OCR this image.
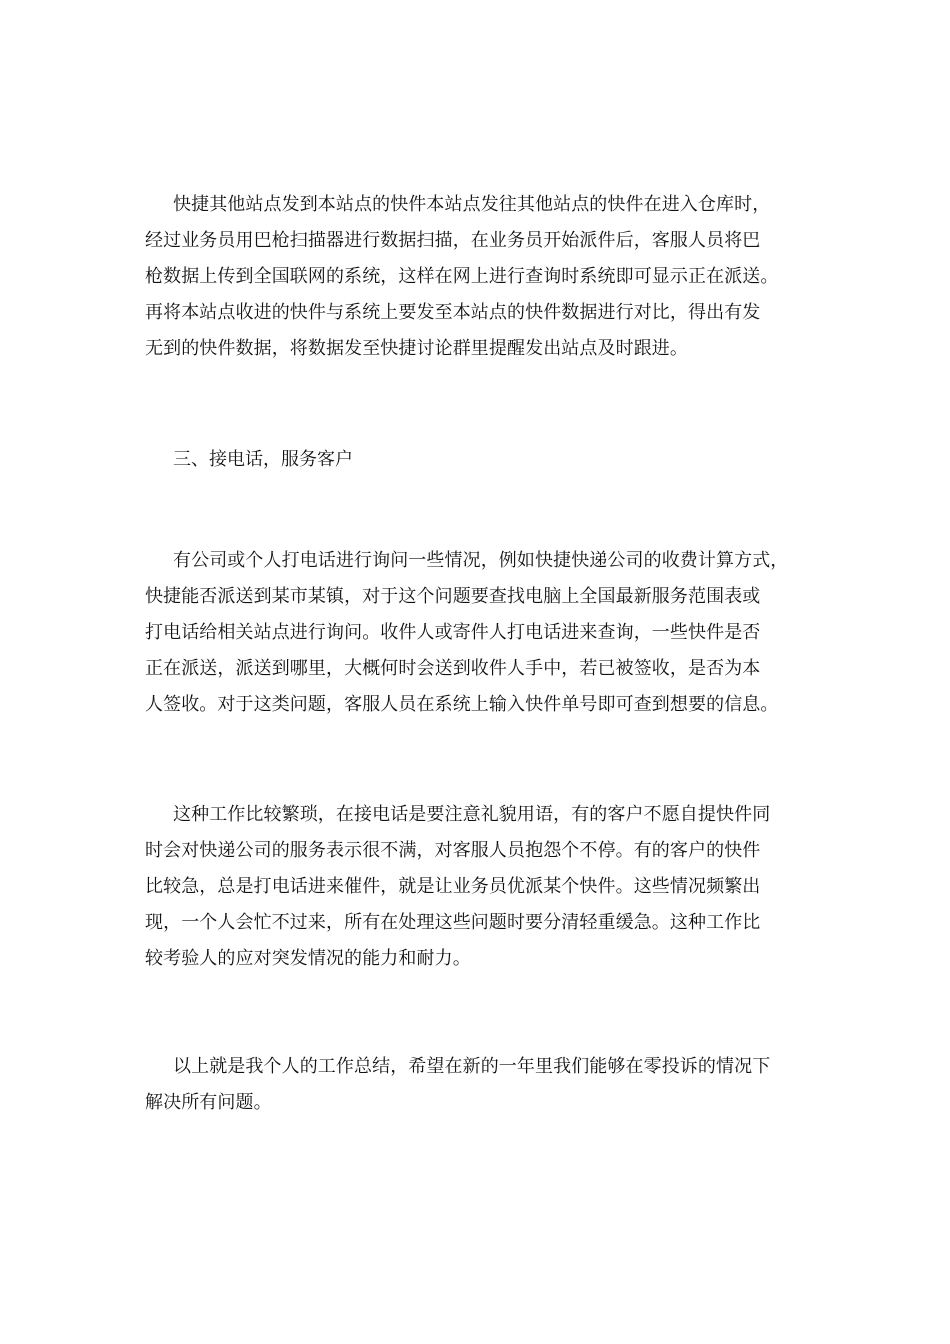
快捷其他站点发到本站点的快件本站点发往其他站点的快件在进入仓库时，
经过业务员用巴枪扫描器进行数据扫描，在业务员开始派件后，客服人员将巴
枪数据上传到全国联网的系统，这样在网上进行查询时系统即可显示正在派送。
再将本站点收进的快件与系统上要发至本站点的快件数据进行对比，得出有发
无到的快件数据，将数据发至快捷讨论群里提醒发出站点及时跟进。
三、接电话，服务客户
有公司或个人打电话进行询问一些情况，例如快捷快递公司的收费计算方式，
快捷能否派送到某市某镇，对于这个问题要查找电脑上全国最新服务范围表或
打电话给相关站点进行询问。收件人或寄件人打电话进来查询，一些快件是否
正在派送，派送到哪里，大概何时会送到收件人手中，若已被签收，是否为本
人签收。对于这类问题，客服人员在系统上输入快件单号即可查到想要的信息。
这种工作比较繁琐，在接电话是要注意礼貌用语，有的客户不愿自提快件同
时会对快递公司的服务表示很不满，对客服人员抱怨个不停。有的客户的快件
比较急，总是打电话进来催件，就是让业务员优派某个快件。这些情况频繁出
现，一个人会忙不过来，所有在处理这些问题时要分清轻重缓急。这种工作比
较考验人的应对突发情况的能力和耐力。
以上就是我个人的工作总结，希望在新的一年里我们能够在零投诉的情况下
解决所有问题。
